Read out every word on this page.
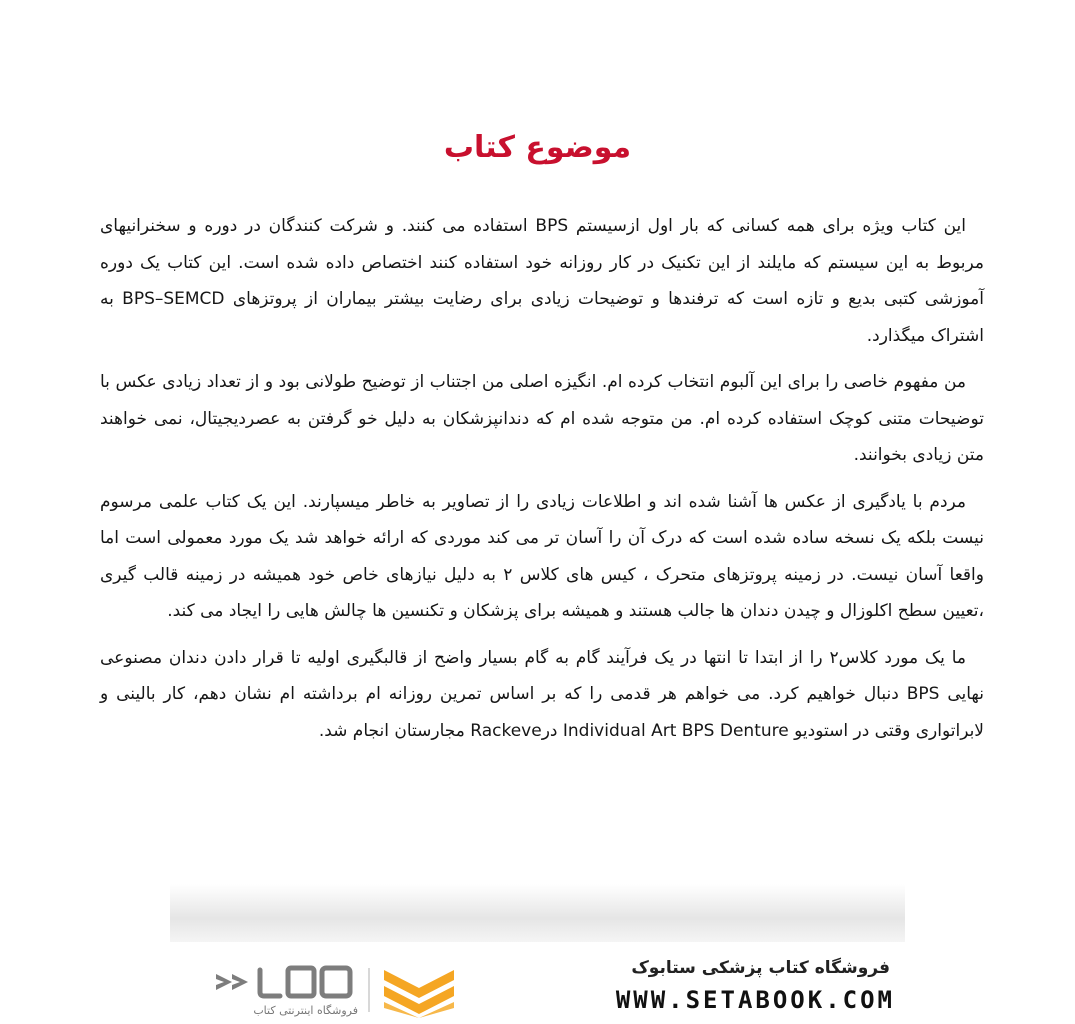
موضوع کتاب

این کتاب ویژه برای همه کسانی که بار اول ازسیستم BPS استفاده می کنند. و شرکت کنندگان در دوره و سخنرانیهای مربوط به این سیستم که مایلند از این تکنیک در کار روزانه خود استفاده کنند اختصاص داده شده است. این کتاب یک دوره آموزشی کتبی بدیع و تازه است که ترفندها و توضیحات زیادی برای رضایت بیشتر بیماران از پروتزهای BPS–SEMCD به اشتراک میگذارد.

من مفهوم خاصی را برای این آلبوم انتخاب کرده ام. انگیزه اصلی من اجتناب از توضیح طولانی بود و از تعداد زیادی عکس با توضیحات متنی کوچک استفاده کرده ام. من متوجه شده ام که دندانپزشکان به دلیل خو گرفتن به عصردیجیتال، نمی خواهند متن زیادی بخوانند.

مردم با یادگیری از عکس ها آشنا شده اند و اطلاعات زیادی را از تصاویر به خاطر میسپارند. این یک کتاب علمی مرسوم نیست بلکه یک نسخه ساده شده است که درک آن را آسان تر می کند موردی که ارائه خواهد شد یک مورد معمولی است اما واقعا آسان نیست. در زمینه پروتزهای متحرک ، کیس های کلاس ۲ به دلیل نیازهای خاص خود همیشه در زمینه قالب گیری ،تعیین سطح اکلوزال و چیدن دندان ها جالب هستند و همیشه برای پزشکان و تکنسین ها چالش هایی را ایجاد می کند.

ما یک مورد کلاس۲ را از ابتدا تا انتها در یک فرآیند گام به گام بسیار واضح از قالبگیری اولیه تا قرار دادن دندان مصنوعی نهایی BPS دنبال خواهیم کرد. می خواهم هر قدمی را که بر اساس تمرین روزانه ام برداشته ام نشان دهم، کار بالینی و لابراتواری وقتی در استودیو Individual Art BPS Denture درRackeve مجارستان انجام شد.

فروشگاه کتاب پزشکی ستابوک
WWW.SETABOOK.COM
فروشگاه اینترنتی کتاب
